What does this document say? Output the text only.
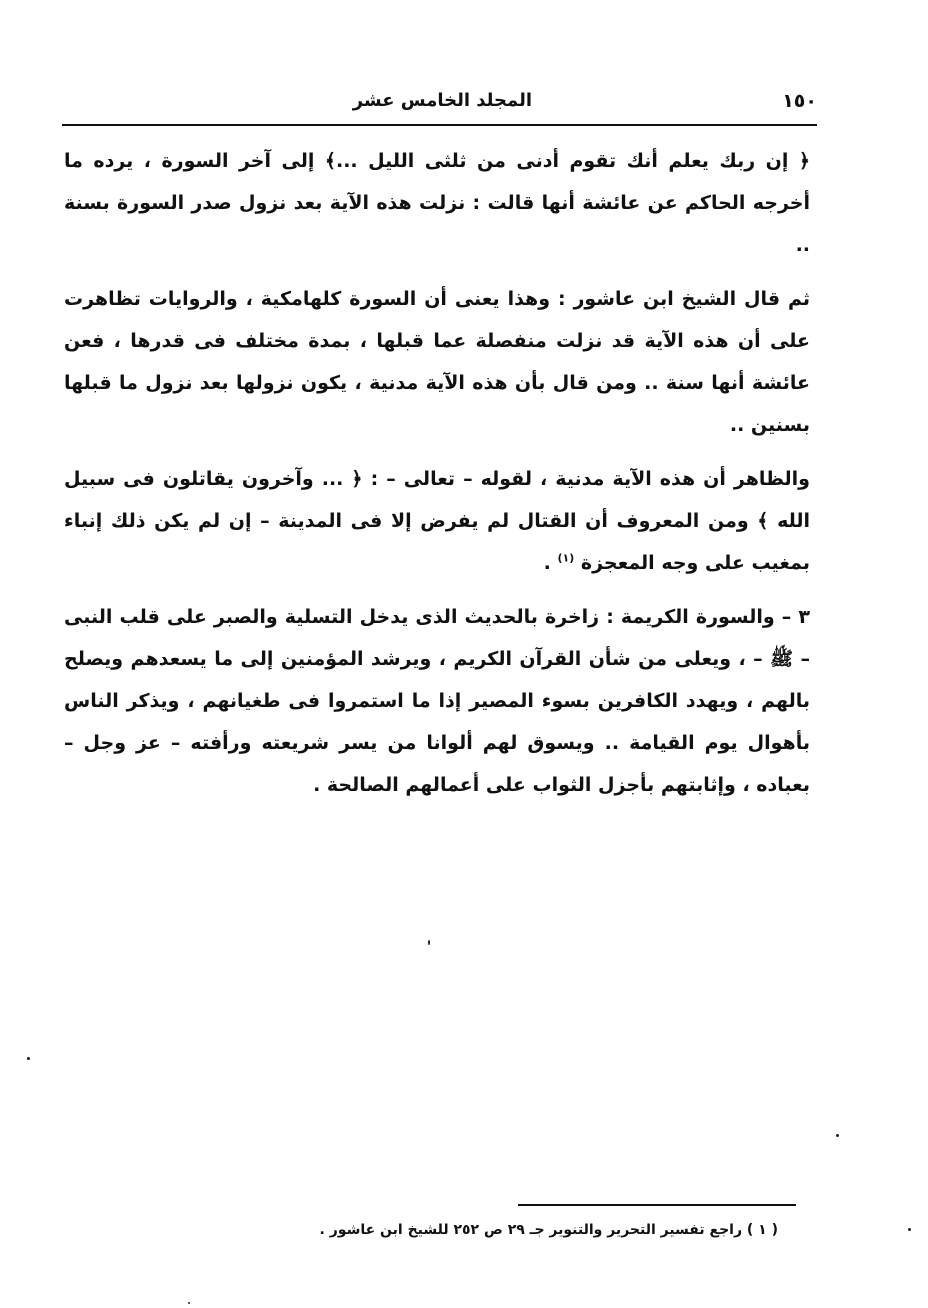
١٥٠
المجلد الخامس عشر

﴿ إن ربك يعلم أنك تقوم أدنى من ثلثى الليل ...﴾ إلى آخر السورة ، يرده ما أخرجه الحاكم عن عائشة أنها قالت : نزلت هذه الآية بعد نزول صدر السورة بسنة ..

ثم قال الشيخ ابن عاشور : وهذا يعنى أن السورة كلهامكية ، والروايات تظاهرت على أن هذه الآية قد نزلت منفصلة عما قبلها ، بمدة مختلف فى قدرها ، فعن عائشة أنها سنة .. ومن قال بأن هذه الآية مدنية ، يكون نزولها بعد نزول ما قبلها بسنين ..

والظاهر أن هذه الآية مدنية ، لقوله – تعالى – : ﴿ ... وآخرون يقاتلون فى سبيل الله ﴾ ومن المعروف أن القتال لم يفرض إلا فى المدينة – إن لم يكن ذلك إنباء بمغيب على وجه المعجزة $^{(١)}$ .

٣ – والسورة الكريمة : زاخرة بالحديث الذى يدخل التسلية والصبر على قلب النبى – ﷺ – ، ويعلى من شأن القرآن الكريم ، ويرشد المؤمنين إلى ما يسعدهم ويصلح بالهم ، ويهدد الكافرين بسوء المصير إذا ما استمروا فى طغيانهم ، ويذكر الناس بأهوال يوم القيامة .. ويسوق لهم ألوانا من يسر شريعته ورأفته – عز وجل – بعباده ، وإثابتهم بأجزل الثواب على أعمالهم الصالحة .

( ١ ) راجع تفسير التحرير والتنوير جـ ٢٩ ص ٢٥٢ للشيخ ابن عاشور .
